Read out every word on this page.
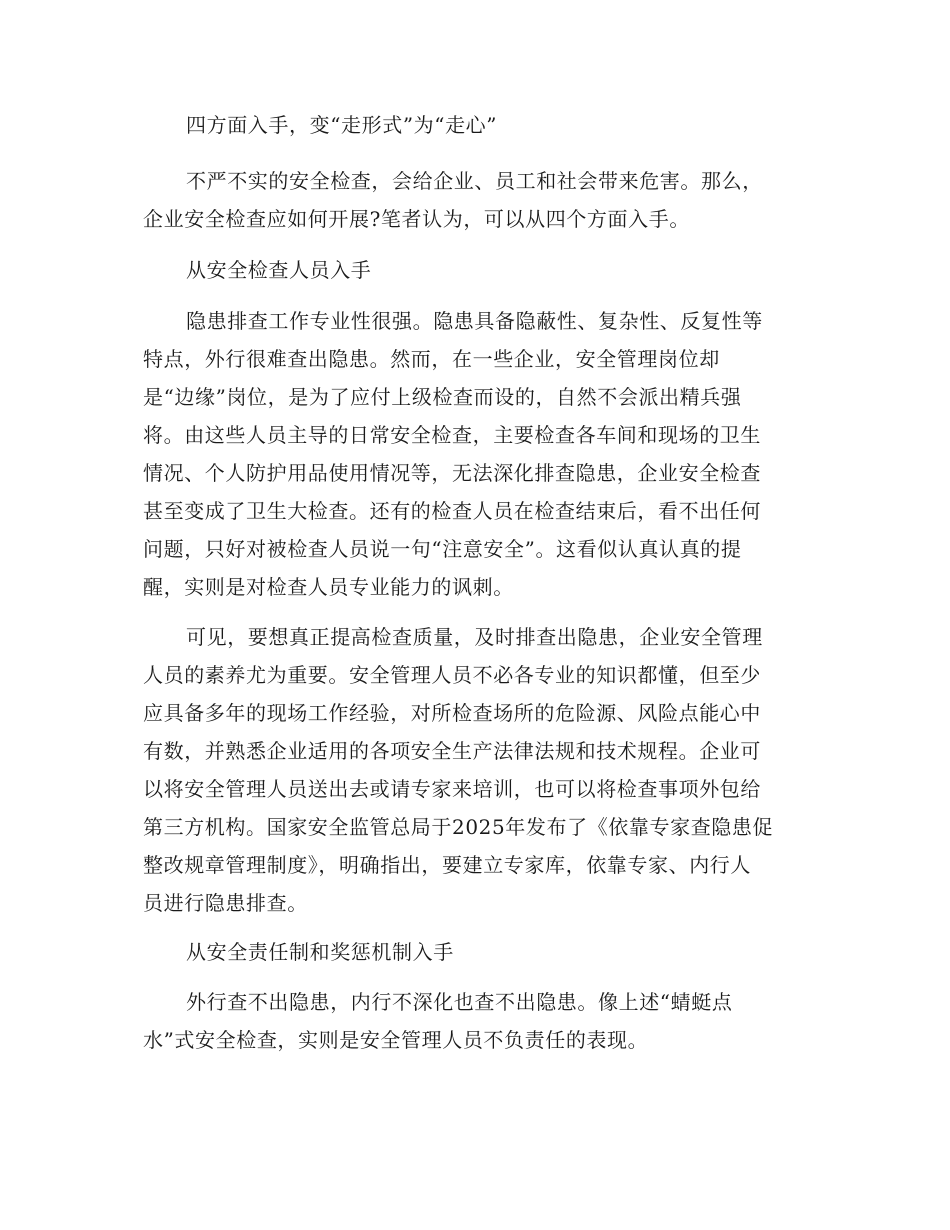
四方面入手，变“走形式”为“走心”
不严不实的安全检查，会给企业、员工和社会带来危害。那么，
企业安全检查应如何开展?笔者认为，可以从四个方面入手。
从安全检查人员入手
隐患排查工作专业性很强。隐患具备隐蔽性、复杂性、反复性等
特点，外行很难查出隐患。然而，在一些企业，安全管理岗位却
是“边缘”岗位，是为了应付上级检查而设的，自然不会派出精兵强
将。由这些人员主导的日常安全检查，主要检查各车间和现场的卫生
情况、个人防护用品使用情况等，无法深化排查隐患，企业安全检查
甚至变成了卫生大检查。还有的检查人员在检查结束后，看不出任何
问题，只好对被检查人员说一句“注意安全”。这看似认真认真的提
醒，实则是对检查人员专业能力的讽刺。
可见，要想真正提高检查质量，及时排查出隐患，企业安全管理
人员的素养尤为重要。安全管理人员不必各专业的知识都懂，但至少
应具备多年的现场工作经验，对所检查场所的危险源、风险点能心中
有数，并熟悉企业适用的各项安全生产法律法规和技术规程。企业可
以将安全管理人员送出去或请专家来培训，也可以将检查事项外包给
第三方机构。国家安全监管总局于2025年发布了《依靠专家查隐患促
整改规章管理制度》，明确指出，要建立专家库，依靠专家、内行人
员进行隐患排查。
从安全责任制和奖惩机制入手
外行查不出隐患，内行不深化也查不出隐患。像上述“蜻蜓点
水”式安全检查，实则是安全管理人员不负责任的表现。
